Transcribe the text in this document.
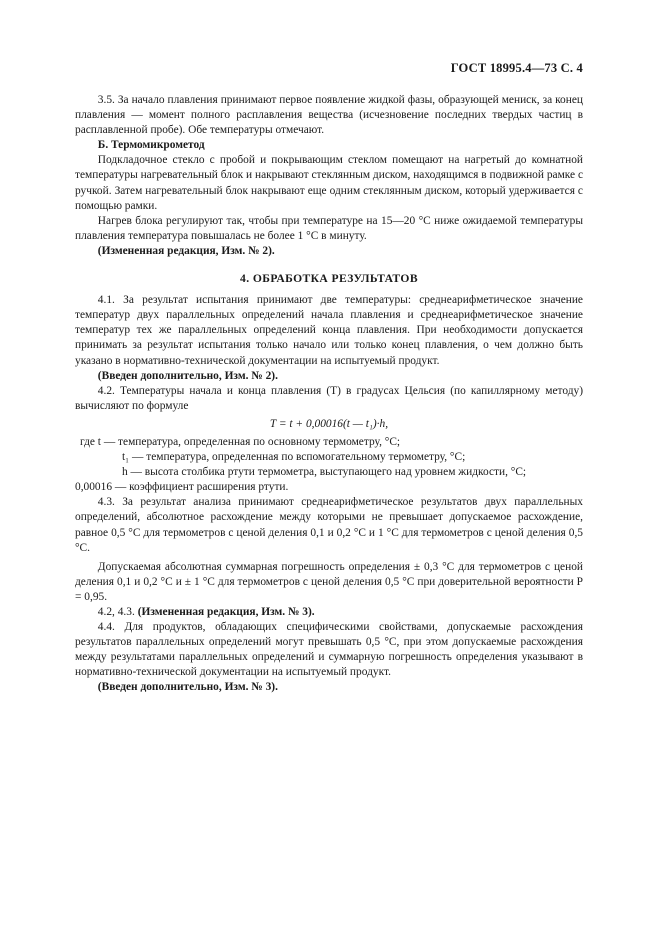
ГОСТ 18995.4—73 С. 4

3.5. За начало плавления принимают первое появление жидкой фазы, образующей мениск, за конец плавления — момент полного расплавления вещества (исчезновение последних твердых частиц в расплавленной пробе). Обе температуры отмечают.

Б. Термомикрометод

Подкладочное стекло с пробой и покрывающим стеклом помещают на нагретый до комнатной температуры нагревательный блок и накрывают стеклянным диском, находящимся в подвижной рамке с ручкой. Затем нагревательный блок накрывают еще одним стеклянным диском, который удерживается с помощью рамки.

Нагрев блока регулируют так, чтобы при температуре на 15—20 °С ниже ожидаемой температуры плавления температура повышалась не более 1 °С в минуту.

(Измененная редакция, Изм. № 2).

4. ОБРАБОТКА РЕЗУЛЬТАТОВ

4.1. За результат испытания принимают две температуры: среднеарифметическое значение температур двух параллельных определений начала плавления и среднеарифметическое значение температур тех же параллельных определений конца плавления. При необходимости допускается принимать за результат испытания только начало или только конец плавления, о чем должно быть указано в нормативно-технической документации на испытуемый продукт.

(Введен дополнительно, Изм. № 2).

4.2. Температуры начала и конца плавления (Т) в градусах Цельсия (по капиллярному методу) вычисляют по формуле

T = t + 0,00016(t — t₁)·h,

где t — температура, определенная по основному термометру, °С;

t₁ — температура, определенная по вспомогательному термометру, °С;

h — высота столбика ртути термометра, выступающего над уровнем жидкости, °С;

0,00016 — коэффициент расширения ртути.

4.3. За результат анализа принимают среднеарифметическое результатов двух параллельных определений, абсолютное расхождение между которыми не превышает допускаемое расхождение, равное 0,5 °С для термометров с ценой деления 0,1 и 0,2 °С и 1 °С для термометров с ценой деления 0,5 °С.

Допускаемая абсолютная суммарная погрешность определения ± 0,3 °С для термометров с ценой деления 0,1 и 0,2 °С и ± 1 °С для термометров с ценой деления 0,5 °С при доверительной вероятности Р = 0,95.

4.2, 4.3. (Измененная редакция, Изм. № 3).

4.4. Для продуктов, обладающих специфическими свойствами, допускаемые расхождения результатов параллельных определений могут превышать 0,5 °С, при этом допускаемые расхождения между результатами параллельных определений и суммарную погрешность определения указывают в нормативно-технической документации на испытуемый продукт.

(Введен дополнительно, Изм. № 3).
